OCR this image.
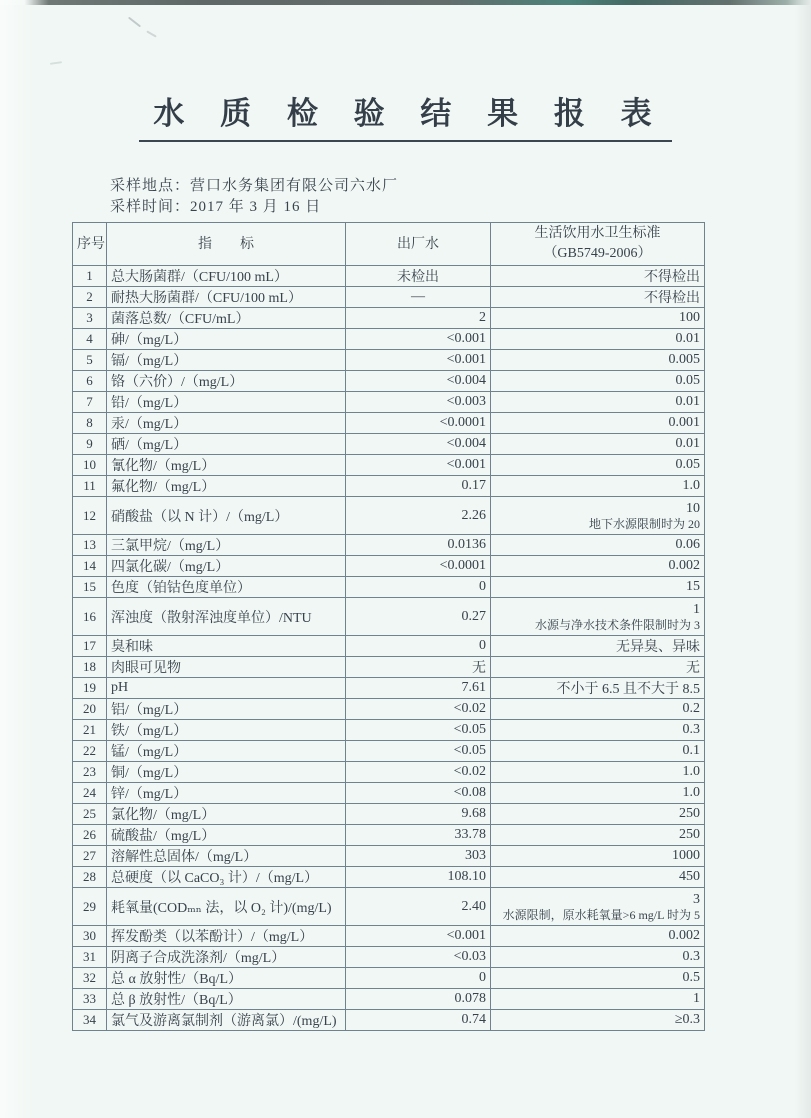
水 质 检 验 结 果 报 表
采样地点：营口水务集团有限公司六水厂
采样时间：2017 年 3 月 16 日
序号	指　　标	出厂水	生活饮用水卫生标准
（GB5749-2006）

1	总大肠菌群/（CFU/100 mL）	未检出	不得检出
2	耐热大肠菌群/（CFU/100 mL）	—	不得检出
3	菌落总数/（CFU/mL）	2	100
4	砷/（mg/L）	<0.001	0.01
5	镉/（mg/L）	<0.001	0.005
6	铬（六价）/（mg/L）	<0.004	0.05
7	铅/（mg/L）	<0.003	0.01
8	汞/（mg/L）	<0.0001	0.001
9	硒/（mg/L）	<0.004	0.01
10	氰化物/（mg/L）	<0.001	0.05
11	氟化物/（mg/L）	0.17	1.0
12	硝酸盐（以 N 计）/（mg/L）	2.26	10
地下水源限制时为 20

13	三氯甲烷/（mg/L）	0.0136	0.06
14	四氯化碳/（mg/L）	<0.0001	0.002
15	色度（铂钴色度单位）	0	15
16	浑浊度（散射浑浊度单位）/NTU	0.27	1
水源与净水技术条件限制时为 3

17	臭和味	0	无异臭、异味
18	肉眼可见物	无	无
19	pH	7.61	不小于 6.5 且不大于 8.5
20	铝/（mg/L）	<0.02	0.2
21	铁/（mg/L）	<0.05	0.3
22	锰/（mg/L）	<0.05	0.1
23	铜/（mg/L）	<0.02	1.0
24	锌/（mg/L）	<0.08	1.0
25	氯化物/（mg/L）	9.68	250
26	硫酸盐/（mg/L）	33.78	250
27	溶解性总固体/（mg/L）	303	1000
28	总硬度（以 CaCO₃ 计）/（mg/L）	108.10	450
29	耗氧量(CODₘₙ 法，以 O₂ 计)/(mg/L)	2.40	3
水源限制，原水耗氧量>6 mg/L 时为 5

30	挥发酚类（以苯酚计）/（mg/L）	<0.001	0.002
31	阴离子合成洗涤剂/（mg/L）	<0.03	0.3
32	总 α 放射性/（Bq/L）	0	0.5
33	总 β 放射性/（Bq/L）	0.078	1
34	氯气及游离氯制剂（游离氯）/(mg/L)	0.74	≥0.3
